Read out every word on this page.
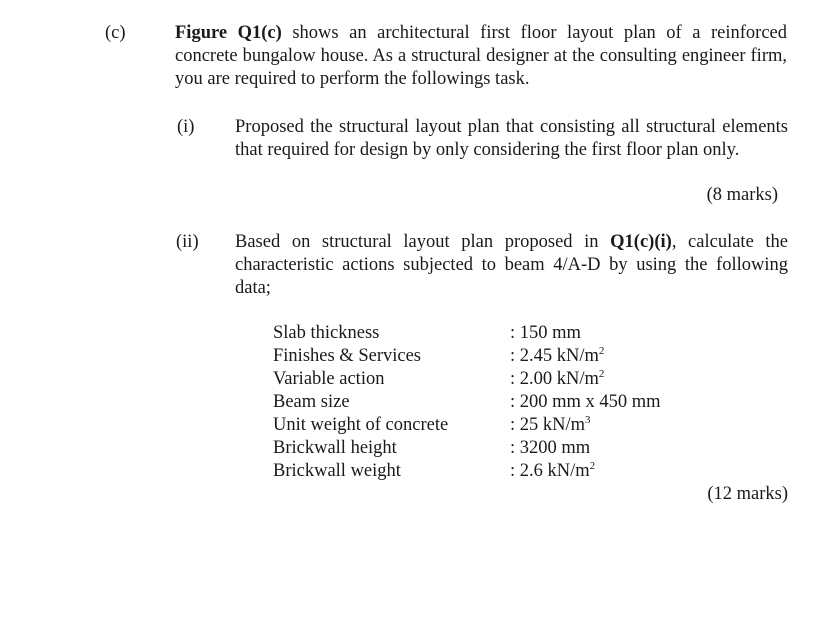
(c)	Figure Q1(c) shows an architectural first floor layout plan of a reinforced concrete bungalow house. As a structural designer at the consulting engineer firm, you are required to perform the followings task.
(i) Proposed the structural layout plan that consisting all structural elements that required for design by only considering the first floor plan only.
(8 marks)
(ii) Based on structural layout plan proposed in Q1(c)(i), calculate the characteristic actions subjected to beam 4/A-D by using the following data;
Slab thickness	: 150 mm
Finishes & Services	: 2.45 $kN/m^2$
Variable action	: 2.00 $kN/m^2$
Beam size	: 200 mm x 450 mm
Unit weight of concrete	: 25 $kN/m^3$
Brickwall height	: 3200 mm
Brickwall weight	: 2.6 $kN/m^2$
(12 marks)
